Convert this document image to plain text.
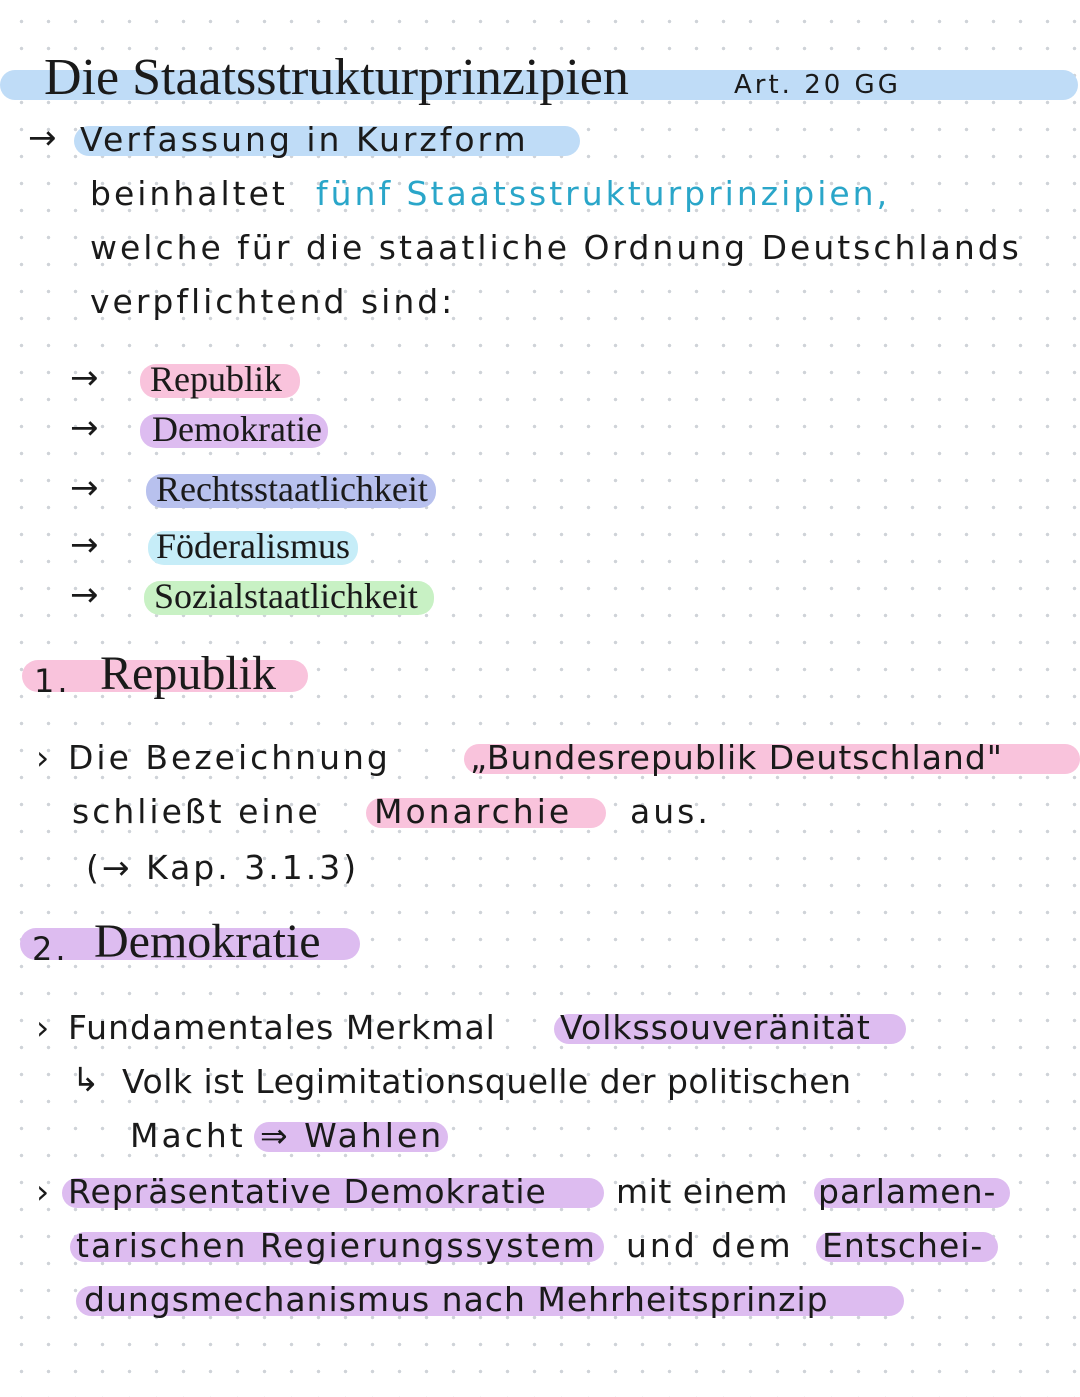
Die Staatsstrukturprinzipien	Art. 20 GG
→ Verfassung in Kurzform
beinhaltet fünf Staatsstrukturprinzipien,
welche für die staatliche Ordnung Deutschlands
verpflichtend sind:
→ Republik
→ Demokratie
→ Rechtsstaatlichkeit
→ Föderalismus
→ Sozialstaatlichkeit
1. Republik
› Die Bezeichnung „Bundesrepublik Deutschland"
schließt eine Monarchie aus.
(→ Kap. 3.1.3)
2. Demokratie
› Fundamentales Merkmal Volkssouveränität
↳ Volk ist Legimitationsquelle der politischen
Macht ⇒ Wahlen
› Repräsentative Demokratie mit einem parlamen-
tarischen Regierungssystem und dem Entschei-
dungsmechanismus nach Mehrheitsprinzip
